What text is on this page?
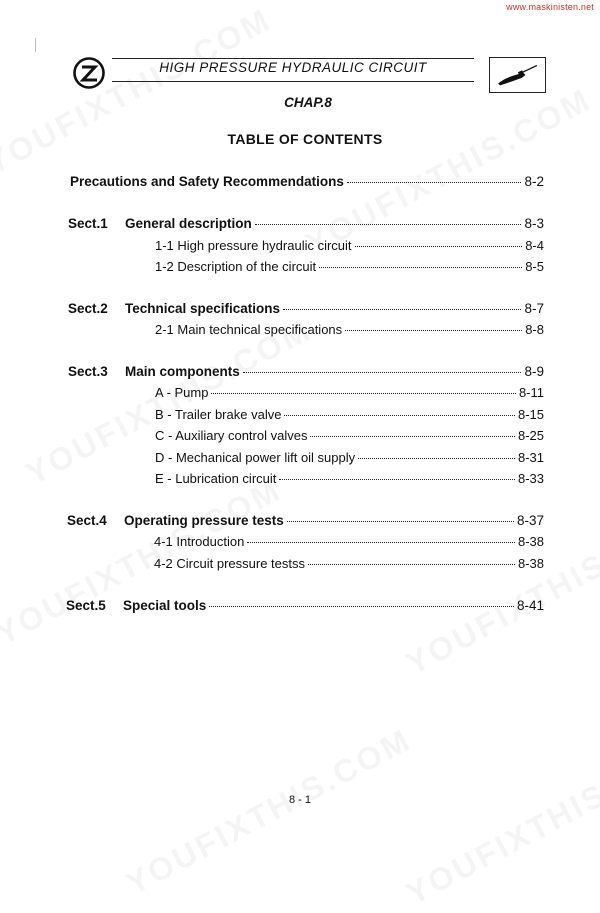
www.maskinisten.net
HIGH PRESSURE HYDRAULIC CIRCUIT
CHAP.8
TABLE OF CONTENTS
Precautions and Safety Recommendations	8-2
Sect.1	General description	8-3
1-1 High pressure hydraulic circuit	8-4
1-2 Description of the circuit	8-5
Sect.2	Technical specifications	8-7
2-1 Main technical specifications	8-8
Sect.3	Main components	8-9
A - Pump	8-11
B - Trailer brake valve	8-15
C - Auxiliary control valves	8-25
D - Mechanical power lift oil supply	8-31
E - Lubrication circuit	8-33
Sect.4	Operating pressure tests	8-37
4-1 Introduction	8-38
4-2 Circuit pressure testss	8-38
Sect.5	Special tools	8-41
8 - 1
